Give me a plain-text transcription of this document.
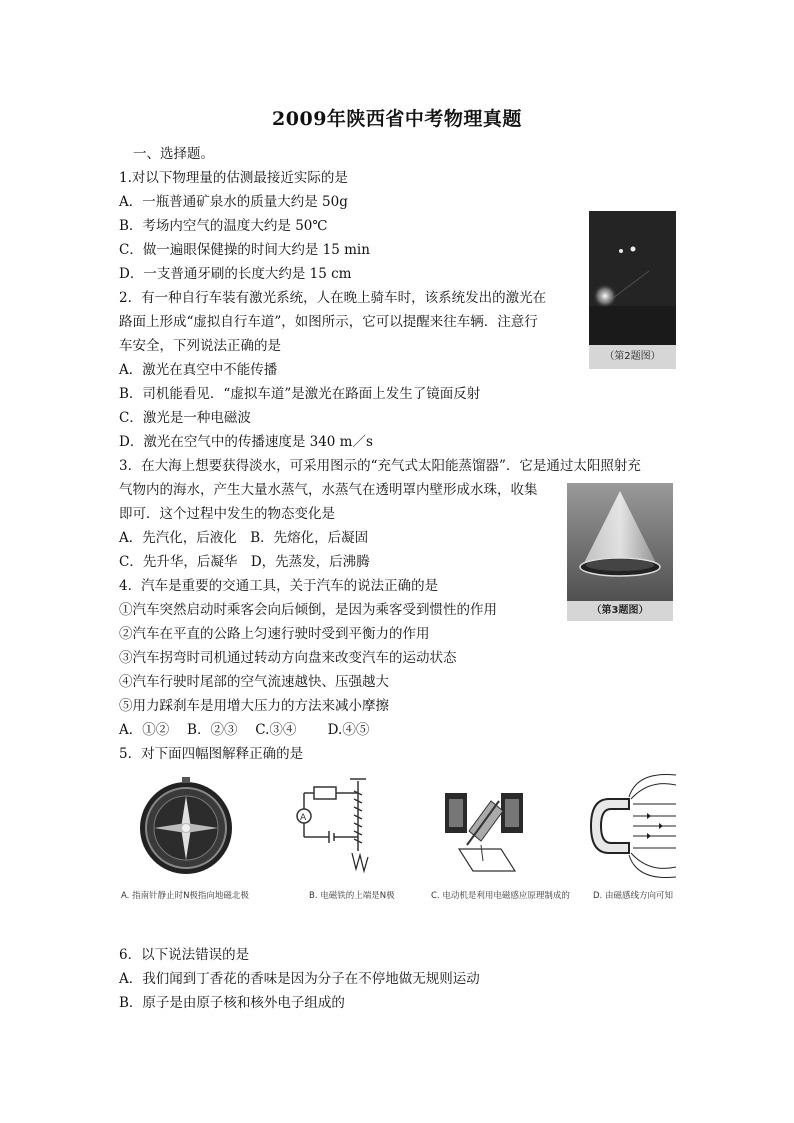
2009年陕西省中考物理真题
一、选择题。
1.对以下物理量的估测最接近实际的是
A．一瓶普通矿泉水的质量大约是 50g
B．考场内空气的温度大约是 50℃
C．做一遍眼保健操的时间大约是 15 min
D．一支普通牙刷的长度大约是 15 cm
2．有一种自行车装有激光系统，人在晚上骑车时，该系统发出的激光在
路面上形成“虚拟自行车道”，如图所示，它可以提醒来往车辆．注意行
车安全，下列说法正确的是
A．激光在真空中不能传播
B．司机能看见．“虚拟车道”是激光在路面上发生了镜面反射
C．激光是一种电磁波
D．激光在空气中的传播速度是 340 m／s
3．在大海上想要获得淡水，可采用图示的“充气式太阳能蒸馏器”．它是通过太阳照射充
气物内的海水，产生大量水蒸气，水蒸气在透明罩内壁形成水珠，收集
即可．这个过程中发生的物态变化是
A．先汽化，后液化　B．先熔化，后凝固
C．先升华，后凝华　D，先蒸发，后沸腾
4．汽车是重要的交通工具，关于汽车的说法正确的是
①汽车突然启动时乘客会向后倾倒，是因为乘客受到惯性的作用
②汽车在平直的公路上匀速行驶时受到平衡力的作用
③汽车拐弯时司机通过转动方向盘来改变汽车的运动状态
④汽车行驶时尾部的空气流速越快、压强越大
⑤用力踩刹车是用增大压力的方法来减小摩擦
A．①②　 B．②③　 C.③④　　 D.④⑤
5．对下面四幅图解释正确的是
6．以下说法错误的是
A．我们闻到丁香花的香味是因为分子在不停地做无规则运动
B．原子是由原子核和核外电子组成的
（第2题图）
（第3题图）
A. 指南针静止时N极指向地磁北极
A
B. 电磁铁的上端是N极	C. 电动机是利用电磁感应原理制成的	D. 由磁感线方向可知
